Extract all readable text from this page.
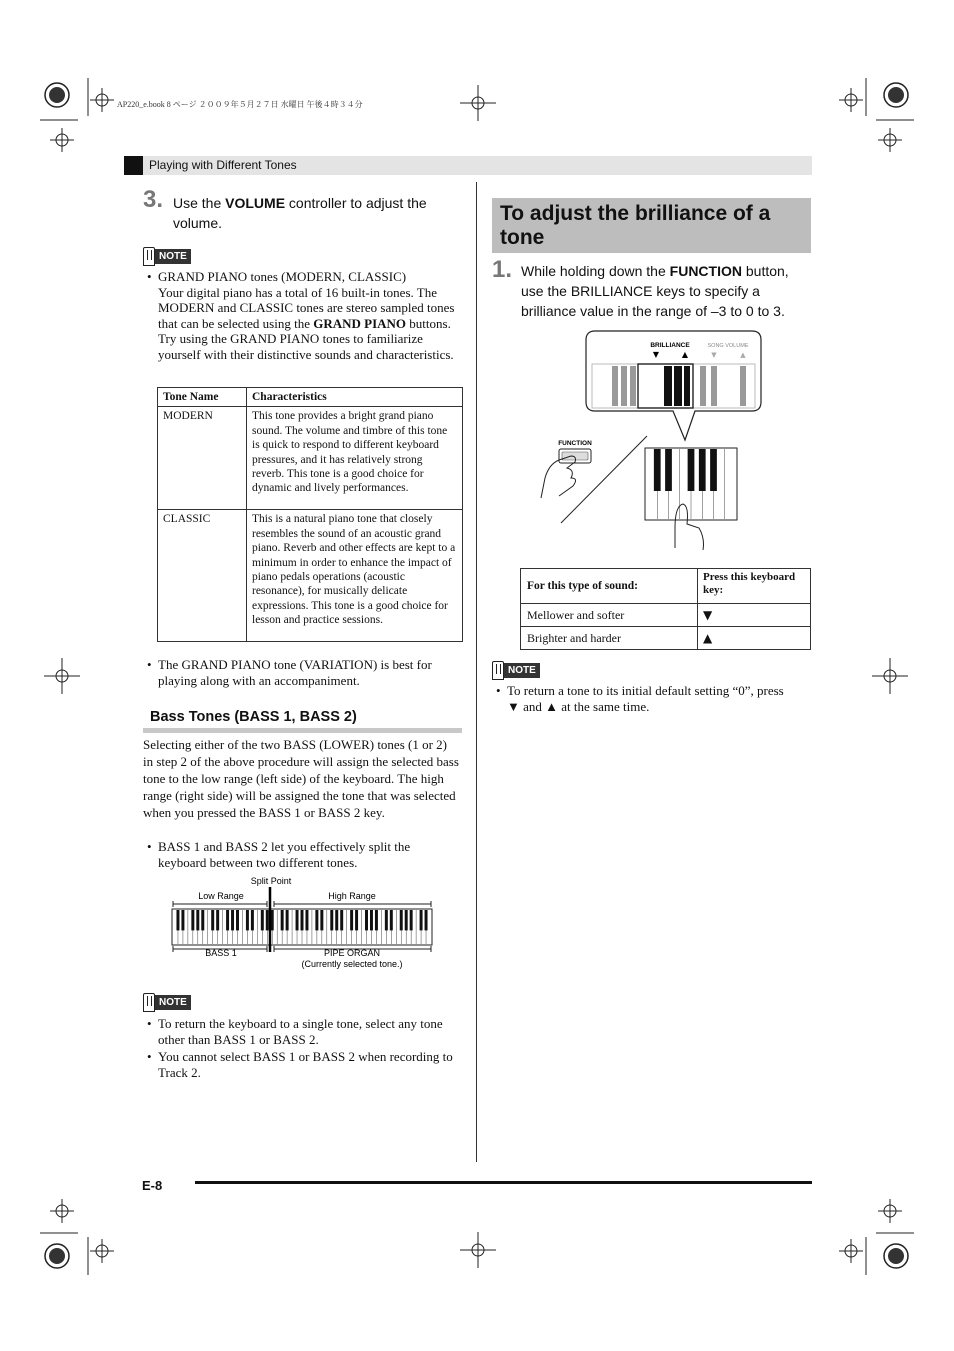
AP220_e.book 8 ページ ２００９年５月２７日 水曜日 午後４時３４分
Playing with Different Tones
3. Use the VOLUME controller to adjust the volume.
NOTE
• GRAND PIANO tones (MODERN, CLASSIC)
Your digital piano has a total of 16 built-in tones. The MODERN and CLASSIC tones are stereo sampled tones that can be selected using the GRAND PIANO buttons. Try using the GRAND PIANO tones to familiarize yourself with their distinctive sounds and characteristics.
Tone Name	Characteristics
MODERN	This tone provides a bright grand piano sound. The volume and timbre of this tone is quick to respond to different keyboard pressures, and it has relatively strong reverb. This tone is a good choice for dynamic and lively performances.
CLASSIC	This is a natural piano tone that closely resembles the sound of an acoustic grand piano. Reverb and other effects are kept to a minimum in order to enhance the impact of piano pedals operations (acoustic resonance), for musically delicate expressions. This tone is a good choice for lesson and practice sessions.
• The GRAND PIANO tone (VARIATION) is best for playing along with an accompaniment.
Bass Tones (BASS 1, BASS 2)
Selecting either of the two BASS (LOWER) tones (1 or 2) in step 2 of the above procedure will assign the selected bass tone to the low range (left side) of the keyboard. The high range (right side) will be assigned the tone that was selected when you pressed the BASS 1 or BASS 2 key.
• BASS 1 and BASS 2 let you effectively split the keyboard between two different tones.
Split Point
Low Range	High Range
BASS 1	PIPE ORGAN
(Currently selected tone.)
NOTE
• To return the keyboard to a single tone, select any tone other than BASS 1 or BASS 2.
• You cannot select BASS 1 or BASS 2 when recording to Track 2.
To adjust the brilliance of a tone
1. While holding down the FUNCTION button, use the BRILLIANCE keys to specify a brilliance value in the range of –3 to 0 to 3.
BRILLIANCE	SONG VOLUME
▼	▲	▼	▲
FUNCTION
For this type of sound:	Press this keyboard key:
Mellower and softer	▼
Brighter and harder	▲
NOTE
• To return a tone to its initial default setting “0”, press ▼ and ▲ at the same time.
E-8
